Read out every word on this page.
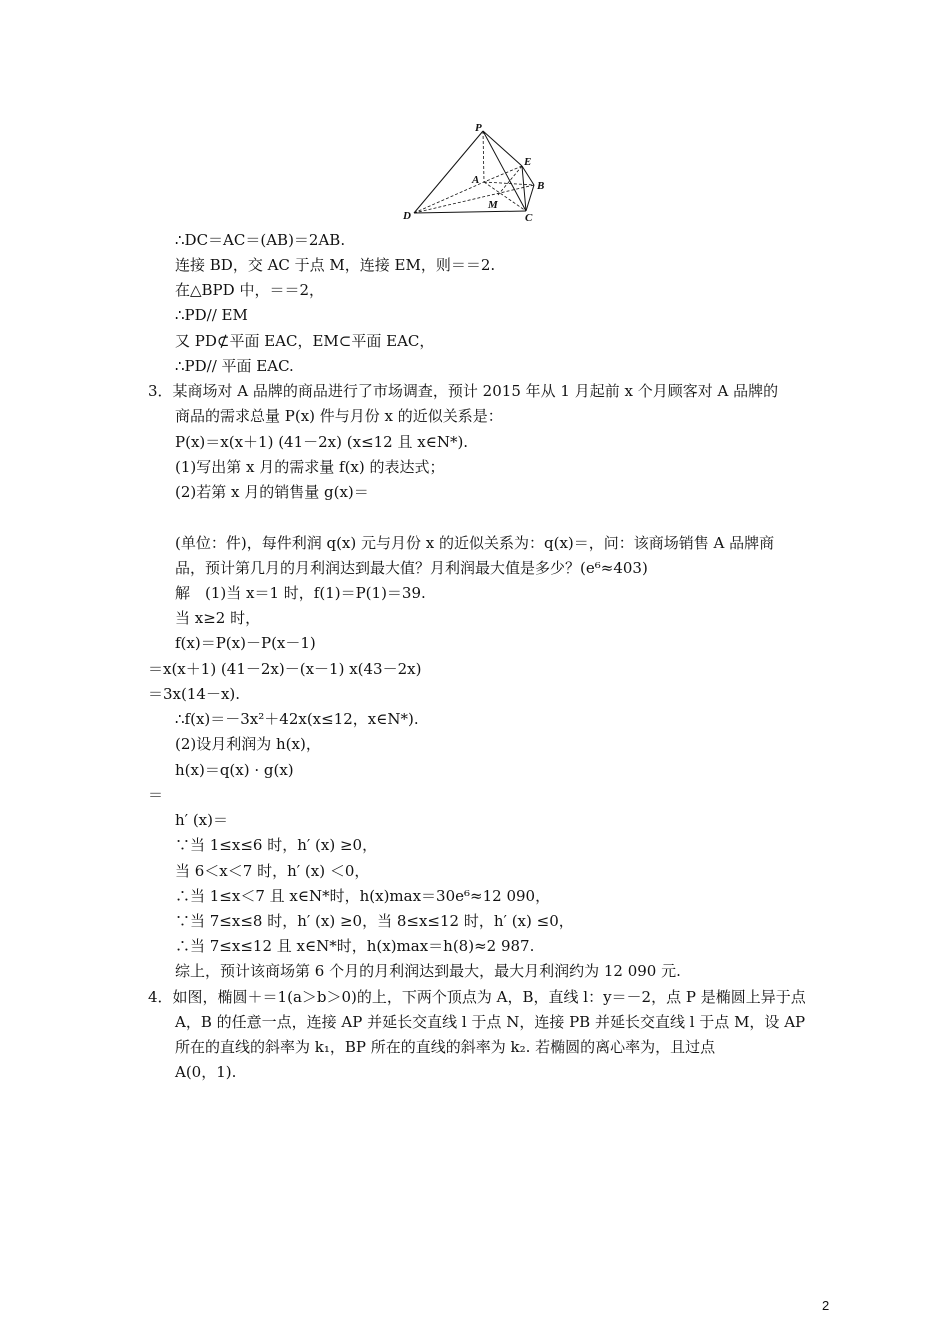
P
E
A	B
M
D	C
∴DC＝AC＝(AB)＝2AB.
连接 BD，交 AC 于点 M，连接 EM，则＝＝2.
在△BPD 中，＝＝2，
∴PD// EM
又 PD⊄平面 EAC，EM⊂平面 EAC，
∴PD// 平面 EAC.
3．某商场对 A 品牌的商品进行了市场调查，预计 2015 年从 1 月起前 x 个月顾客对 A 品牌的
商品的需求总量 P(x) 件与月份 x 的近似关系是：
P(x)＝x(x＋1) (41－2x) (x≤12 且 x∈N*).
(1)写出第 x 月的需求量 f(x) 的表达式；
(2)若第 x 月的销售量 g(x)＝
(单位：件)，每件利润 q(x) 元与月份 x 的近似关系为：q(x)＝，问：该商场销售 A 品牌商
品，预计第几月的月利润达到最大值？月利润最大值是多少？(e⁶≈403)
解　(1)当 x＝1 时，f(1)＝P(1)＝39.
当 x≥2 时，
f(x)＝P(x)－P(x－1)
＝x(x＋1) (41－2x)－(x－1) x(43－2x)
＝3x(14－x).
∴f(x)＝－3x²＋42x(x≤12，x∈N*).
(2)设月利润为 h(x)，
h(x)＝q(x) · g(x)
＝
h′ (x)＝
∵当 1≤x≤6 时，h′ (x) ≥0，
当 6＜x＜7 时，h′ (x) ＜0，
∴当 1≤x＜7 且 x∈N*时，h(x)max＝30e⁶≈12 090，
∵当 7≤x≤8 时，h′ (x) ≥0，当 8≤x≤12 时，h′ (x) ≤0，
∴当 7≤x≤12 且 x∈N*时，h(x)max＝h(8)≈2 987.
综上，预计该商场第 6 个月的月利润达到最大，最大月利润约为 12 090 元.
4．如图，椭圆＋＝1(a＞b＞0)的上，下两个顶点为 A，B，直线 l：y＝－2，点 P 是椭圆上异于点
A，B 的任意一点，连接 AP 并延长交直线 l 于点 N，连接 PB 并延长交直线 l 于点 M，设 AP
所在的直线的斜率为 k₁，BP 所在的直线的斜率为 k₂. 若椭圆的离心率为，且过点
A(0，1).
2
